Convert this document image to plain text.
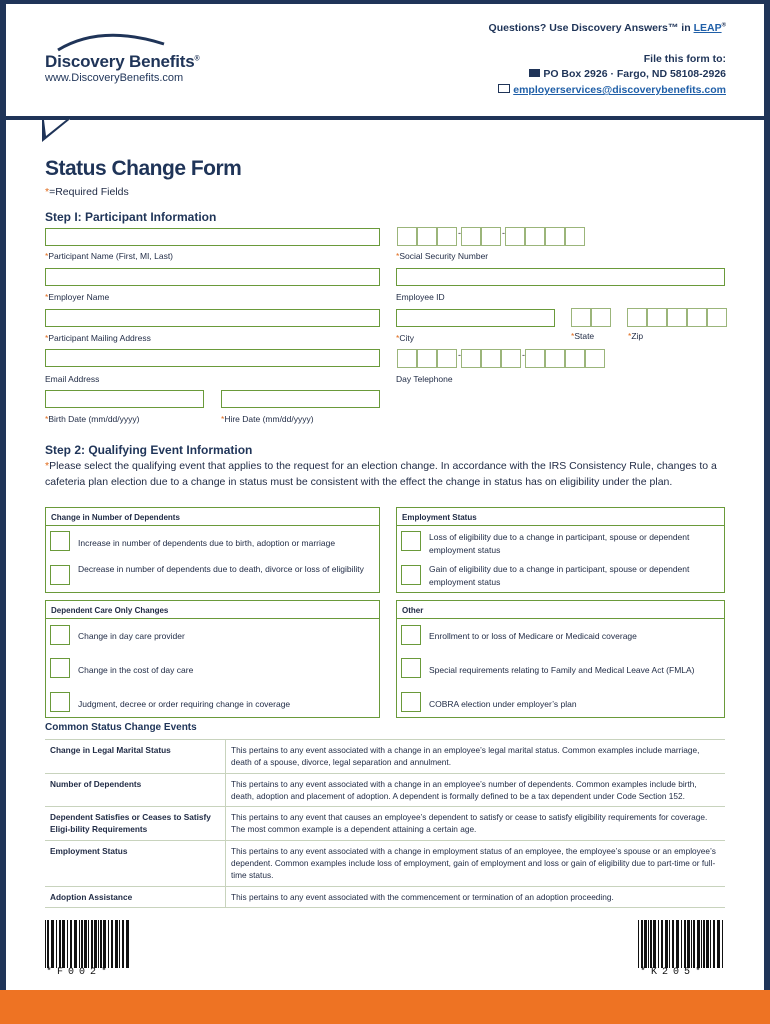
Discovery Benefits®
www.DiscoveryBenefits.com
Questions? Use Discovery Answers™ in LEAP®
File this form to:
PO Box 2926 · Fargo, ND 58108-2926
employerservices@discoverybenefits.com
Status Change Form
*=Required Fields
Step I: Participant Information
*Participant Name (First, MI, Last)
-	-
*Social Security Number
*Employer Name	Employee ID
*Participant Mailing Address	*City	*State	*Zip
Email Address
-	-
Day Telephone
*Birth Date (mm/dd/yyyy)	*Hire Date (mm/dd/yyyy)
Step 2: Qualifying Event Information
*Please select the qualifying event that applies to the request for an election change. In accordance with the IRS Consistency Rule, changes to a cafeteria plan election due to a change in status must be consistent with the effect the change in status has on eligibility under the plan.
Change in Number of Dependents
Increase in number of dependents due to birth, adoption or marriage
Decrease in number of dependents due to death, divorce or loss of eligibility
Employment Status
Loss of eligibility due to a change in participant, spouse or dependent employment status
Gain of eligibility due to a change in participant, spouse or dependent employment status
Dependent Care Only Changes
Change in day care provider
Change in the cost of day care
Judgment, decree or order requiring change in coverage
Other
Enrollment to or loss of Medicare or Medicaid coverage
Special requirements relating to Family and Medical Leave Act (FMLA)
COBRA election under employer’s plan
Common Status Change Events
Change in Legal Marital Status	This pertains to any event associated with a change in an employee’s legal marital status. Common examples include marriage, death of a spouse, divorce, legal separation and annulment.
Number of Dependents	This pertains to any event associated with a change in an employee’s number of dependents. Common examples include birth, death, adoption and placement of adoption. A dependent is formally defined to be a tax dependent under Code Section 152.
Dependent Satisfies or Ceases to Satisfy Eligi-bility Requirements	This pertains to any event that causes an employee’s dependent to satisfy or cease to satisfy eligibility requirements for coverage. The most common example is a dependent attaining a certain age.
Employment Status	This pertains to any event associated with a change in employment status of an employee, the employee’s spouse or an employee’s dependent. Common examples include loss of employment, gain of employment and loss or gain of eligibility due to part-time or full-time status.
Adoption Assistance	This pertains to any event associated with the commencement or termination of an adoption proceeding.
*F002*	*K205*
